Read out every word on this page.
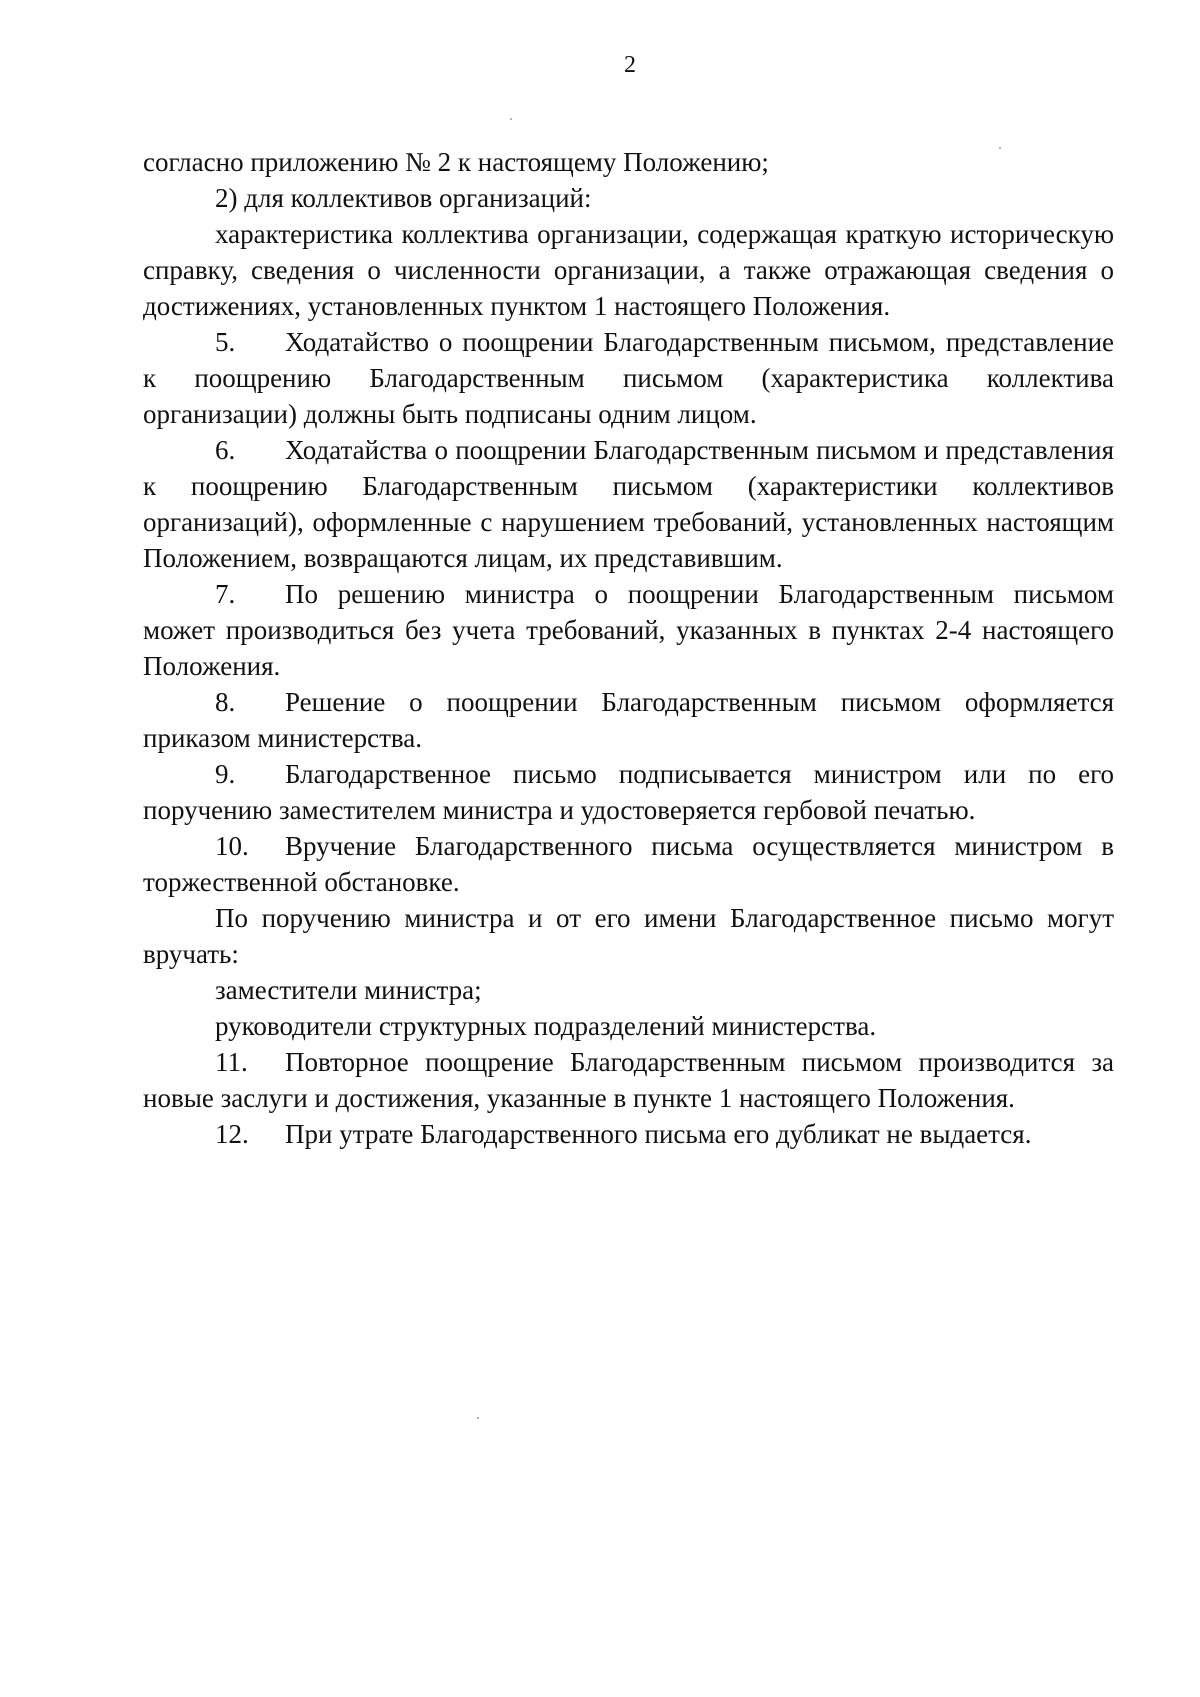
2

согласно приложению № 2 к настоящему Положению;

2) для коллективов организаций:

характеристика коллектива организации, содержащая краткую историческую справку, сведения о численности организации, а также отражающая сведения о достижениях, установленных пунктом 1 настоящего Положения.

5. Ходатайство о поощрении Благодарственным письмом, представление к поощрению Благодарственным письмом (характеристика коллектива организации) должны быть подписаны одним лицом.

6. Ходатайства о поощрении Благодарственным письмом и представления к поощрению Благодарственным письмом (характеристики коллективов организаций), оформленные с нарушением требований, установленных настоящим Положением, возвращаются лицам, их представившим.

7. По решению министра о поощрении Благодарственным письмом может производиться без учета требований, указанных в пунктах 2-4 настоящего Положения.

8. Решение о поощрении Благодарственным письмом оформляется приказом министерства.

9. Благодарственное письмо подписывается министром или по его поручению заместителем министра и удостоверяется гербовой печатью.

10. Вручение Благодарственного письма осуществляется министром в торжественной обстановке.

По поручению министра и от его имени Благодарственное письмо могут вручать:

заместители министра;

руководители структурных подразделений министерства.

11. Повторное поощрение Благодарственным письмом производится за новые заслуги и достижения, указанные в пункте 1 настоящего Положения.

12. При утрате Благодарственного письма его дубликат не выдается.
